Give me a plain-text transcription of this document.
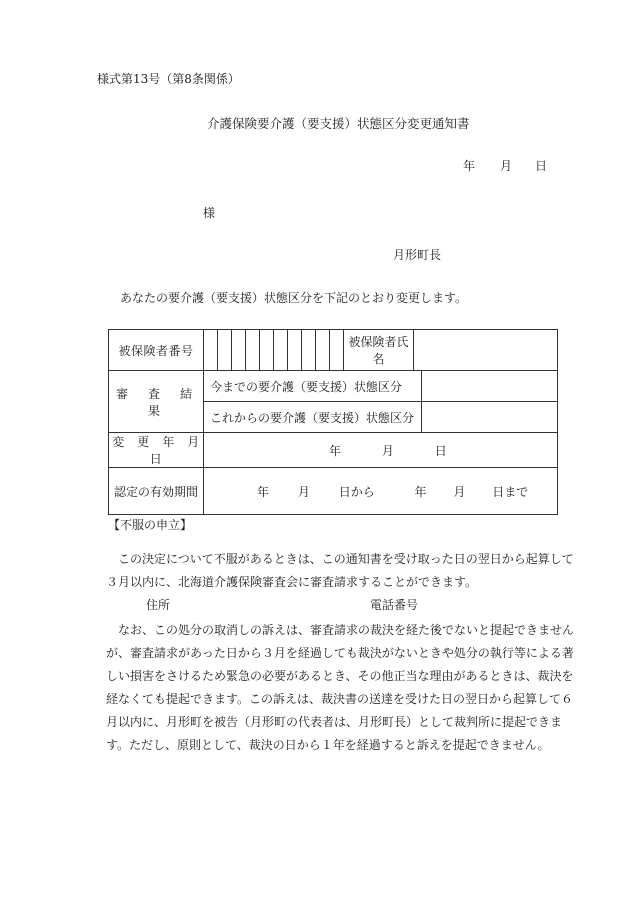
様式第13号（第8条関係）
介護保険要介護（要支援）状態区分変更通知書
年 月 日
様
月形町長
あなたの要介護（要支援）状態区分を下記のとおり変更します。
被保険者番号		被保険者氏名		
審　査　結　果	今までの要介護（要支援）状態区分			
	これからの要介護（要支援）状態区分			
変　更　年　月　日	年 月 日			
認定の有効期間	年 月 日から 年 月 日まで			
【不服の申立】
この決定について不服があるときは、この通知書を受け取った日の翌日から起算して３月以内に、北海道介護保険審査会に審査請求することができます。
住所	電話番号
なお、この処分の取消しの訴えは、審査請求の裁決を経た後でないと提起できませんが、審査請求があった日から３月を経過しても裁決がないときや処分の執行等による著しい損害をさけるため緊急の必要があるとき、その他正当な理由があるときは、裁決を経なくても提起できます。この訴えは、裁決書の送達を受けた日の翌日から起算して６月以内に、月形町を被告（月形町の代表者は、月形町長）として裁判所に提起できます。ただし、原則として、裁決の日から１年を経過すると訴えを提起できません。
